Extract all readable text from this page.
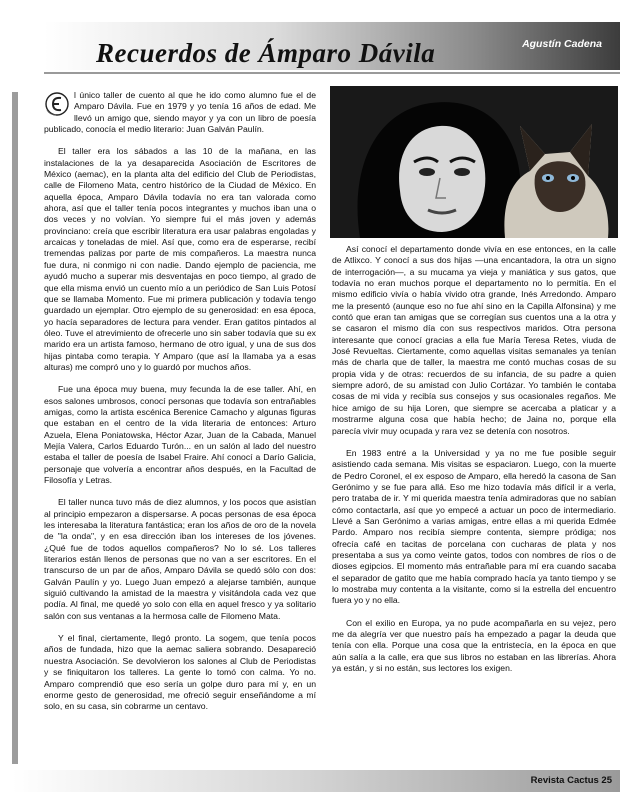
Agustín Cadena
Recuerdos de Ámparo Dávila

l único taller de cuento al que he ido como alumno fue el de Amparo Dávila. Fue en 1979 y yo tenía 16 años de edad. Me llevó un amigo que, siendo mayor y ya con un libro de poesía publicado, conocía el medio literario: Juan Galván Paulín.

El taller era los sábados a las 10 de la mañana, en las instalaciones de la ya desaparecida Asociación de Escritores de México (aemac), en la planta alta del edificio del Club de Periodistas, calle de Filomeno Mata, centro histórico de la Ciudad de México. En aquella época, Amparo Dávila todavía no era tan valorada como ahora, así que el taller tenía pocos integrantes y muchos iban una o dos veces y no volvían. Yo siempre fui el más joven y además provinciano: creía que escribir literatura era usar palabras engoladas y arcaicas y toneladas de miel. Así que, como era de esperarse, recibí tremendas palizas por parte de mis compañeros. La maestra nunca fue dura, ni conmigo ni con nadie. Dando ejemplo de paciencia, me ayudó mucho a superar mis desventajas en poco tiempo, al grado de que ella misma envió un cuento mío a un periódico de San Luis Potosí que se llamaba Momento. Fue mi primera publicación y todavía tengo guardado un ejemplar. Otro ejemplo de su generosidad: en esa época, yo hacía separadores de lectura para vender. Eran gatitos pintados al óleo. Tuve el atrevimiento de ofrecerle uno sin saber todavía que su ex marido era un artista famoso, hermano de otro igual, y una de sus dos hijas pintaba como terapia. Y Amparo (que así la llamaba ya a esas alturas) me compró uno y lo guardó por muchos años.

Fue una época muy buena, muy fecunda la de ese taller. Ahí, en esos salones umbrosos, conocí personas que todavía son entrañables amigas, como la artista escénica Berenice Camacho y algunas figuras que estaban en el centro de la vida literaria de entonces: Arturo Azuela, Elena Poniatowska, Héctor Azar, Juan de la Cabada, Manuel Mejía Valera, Carlos Eduardo Turón... en un salón al lado del nuestro estaba el taller de poesía de Isabel Fraire. Ahí conocí a Darío Galicia, personaje que volvería a encontrar años después, en la Facultad de Filosofía y Letras.

El taller nunca tuvo más de diez alumnos, y los pocos que asistían al principio empezaron a dispersarse. A pocas personas de esa época les interesaba la literatura fantástica; eran los años de oro de la novela de "la onda", y en esa dirección iban los intereses de los jóvenes. ¿Qué fue de todos aquellos compañeros? No lo sé. Los talleres literarios están llenos de personas que no van a ser escritores. En el transcurso de un par de años, Amparo Dávila se quedó sólo con dos: Galván Paulín y yo. Luego Juan empezó a alejarse también, aunque siguió cultivando la amistad de la maestra y visitándola cada vez que podía. Al final, me quedé yo solo con ella en aquel fresco y ya solitario salón con sus ventanas a la hermosa calle de Filomeno Mata.

Y el final, ciertamente, llegó pronto. La sogem, que tenía pocos años de fundada, hizo que la aemac saliera sobrando. Desapareció nuestra Asociación. Se devolvieron los salones al Club de Periodistas y se finiquitaron los talleres. La gente lo tomó con calma. Yo no. Amparo comprendió que eso sería un golpe duro para mí y, en un enorme gesto de generosidad, me ofreció seguir enseñándome a mí solo, en su casa, sin cobrarme un centavo.

Así conocí el departamento donde vivía en ese entonces, en la calle de Atlixco. Y conocí a sus dos hijas —una encantadora, la otra un signo de interrogación—, a su mucama ya vieja y maniática y sus gatos, que todavía no eran muchos porque el departamento no lo permitía. En el mismo edificio vivía o había vivido otra grande, Inés Arredondo. Amparo me la presentó (aunque eso no fue ahí sino en la Capilla Alfonsina) y me contó que eran tan amigas que se corregían sus cuentos una a la otra y se casaron el mismo día con sus respectivos maridos. Otra persona interesante que conocí gracias a ella fue María Teresa Retes, viuda de José Revueltas. Ciertamente, como aquellas visitas semanales ya tenían más de charla que de taller, la maestra me contó muchas cosas de su propia vida y de otras: recuerdos de su infancia, de su padre a quien siempre adoró, de su amistad con Julio Cortázar. Yo también le contaba cosas de mi vida y recibía sus consejos y sus ocasionales regaños. Me hice amigo de su hija Loren, que siempre se acercaba a platicar y a mostrarme alguna cosa que había hecho; de Jaina no, porque ella parecía vivir muy ocupada y rara vez se detenía con nosotros.

En 1983 entré a la Universidad y ya no me fue posible seguir asistiendo cada semana. Mis visitas se espaciaron. Luego, con la muerte de Pedro Coronel, el ex esposo de Amparo, ella heredó la casona de San Gerónimo y se fue para allá. Eso me hizo todavía más difícil ir a verla, pero trataba de ir. Y mi querida maestra tenía admiradoras que no sabían cómo contactarla, así que yo empecé a actuar un poco de intermediario. Llevé a San Gerónimo a varias amigas, entre ellas a mi querida Edmée Pardo. Amparo nos recibía siempre contenta, siempre pródiga; nos ofrecía café en tacitas de porcelana con cucharas de plata y nos presentaba a sus ya como veinte gatos, todos con nombres de ríos o de dioses egipcios. El momento más entrañable para mí era cuando sacaba el separador de gatito que me había comprado hacía ya tanto tiempo y se lo mostraba muy contenta a la visitante, como si la estrella del encuentro fuera yo y no ella.

Con el exilio en Europa, ya no pude acompañarla en su vejez, pero me da alegría ver que nuestro país ha empezado a pagar la deuda que tenía con ella. Porque una cosa que la entristecía, en la época en que aún salía a la calle, era que sus libros no estaban en las librerías. Ahora ya están, y si no están, sus lectores los exigen.

Revista Cactus 25
